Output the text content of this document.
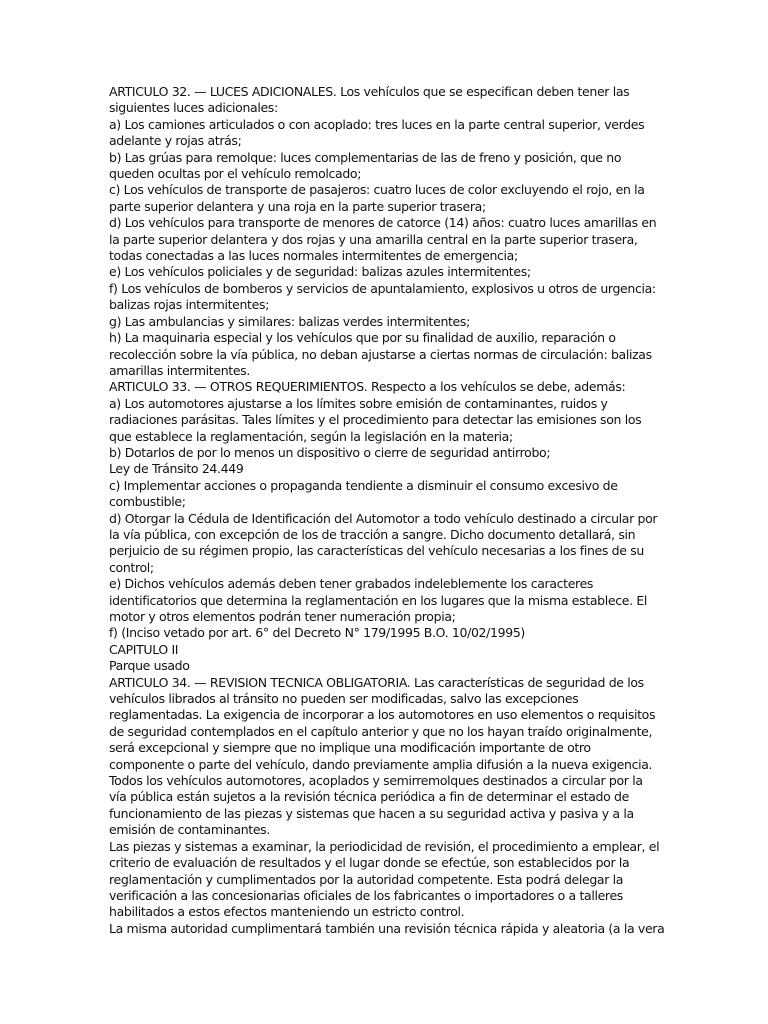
ARTICULO 32. — LUCES ADICIONALES. Los vehículos que se especifican deben tener las
siguientes luces adicionales:
a) Los camiones articulados o con acoplado: tres luces en la parte central superior, verdes
adelante y rojas atrás;
b) Las grúas para remolque: luces complementarias de las de freno y posición, que no
queden ocultas por el vehículo remolcado;
c) Los vehículos de transporte de pasajeros: cuatro luces de color excluyendo el rojo, en la
parte superior delantera y una roja en la parte superior trasera;
d) Los vehículos para transporte de menores de catorce (14) años: cuatro luces amarillas en
la parte superior delantera y dos rojas y una amarilla central en la parte superior trasera,
todas conectadas a las luces normales intermitentes de emergencia;
e) Los vehículos policiales y de seguridad: balizas azules intermitentes;
f) Los vehículos de bomberos y servicios de apuntalamiento, explosivos u otros de urgencia:
balizas rojas intermitentes;
g) Las ambulancias y similares: balizas verdes intermitentes;
h) La maquinaria especial y los vehículos que por su finalidad de auxilio, reparación o
recolección sobre la vía pública, no deban ajustarse a ciertas normas de circulación: balizas
amarillas intermitentes.
ARTICULO 33. — OTROS REQUERIMIENTOS. Respecto a los vehículos se debe, además:
a) Los automotores ajustarse a los límites sobre emisión de contaminantes, ruidos y
radiaciones parásitas. Tales límites y el procedimiento para detectar las emisiones son los
que establece la reglamentación, según la legislación en la materia;
b) Dotarlos de por lo menos un dispositivo o cierre de seguridad antirrobo;
Ley de Tránsito 24.449
c) Implementar acciones o propaganda tendiente a disminuir el consumo excesivo de
combustible;
d) Otorgar la Cédula de Identificación del Automotor a todo vehículo destinado a circular por
la vía pública, con excepción de los de tracción a sangre. Dicho documento detallará, sin
perjuicio de su régimen propio, las características del vehículo necesarias a los fines de su
control;
e) Dichos vehículos además deben tener grabados indeleblemente los caracteres
identificatorios que determina la reglamentación en los lugares que la misma establece. El
motor y otros elementos podrán tener numeración propia;
f) (Inciso vetado por art. 6° del Decreto N° 179/1995 B.O. 10/02/1995)
CAPITULO II
Parque usado
ARTICULO 34. — REVISION TECNICA OBLIGATORIA. Las características de seguridad de los
vehículos librados al tránsito no pueden ser modificadas, salvo las excepciones
reglamentadas. La exigencia de incorporar a los automotores en uso elementos o requisitos
de seguridad contemplados en el capítulo anterior y que no los hayan traído originalmente,
será excepcional y siempre que no implique una modificación importante de otro
componente o parte del vehículo, dando previamente amplia difusión a la nueva exigencia.
Todos los vehículos automotores, acoplados y semirremolques destinados a circular por la
vía pública están sujetos a la revisión técnica periódica a fin de determinar el estado de
funcionamiento de las piezas y sistemas que hacen a su seguridad activa y pasiva y a la
emisión de contaminantes.
Las piezas y sistemas a examinar, la periodicidad de revisión, el procedimiento a emplear, el
criterio de evaluación de resultados y el lugar donde se efectúe, son establecidos por la
reglamentación y cumplimentados por la autoridad competente. Esta podrá delegar la
verificación a las concesionarias oficiales de los fabricantes o importadores o a talleres
habilitados a estos efectos manteniendo un estricto control.
La misma autoridad cumplimentará también una revisión técnica rápida y aleatoria (a la vera
